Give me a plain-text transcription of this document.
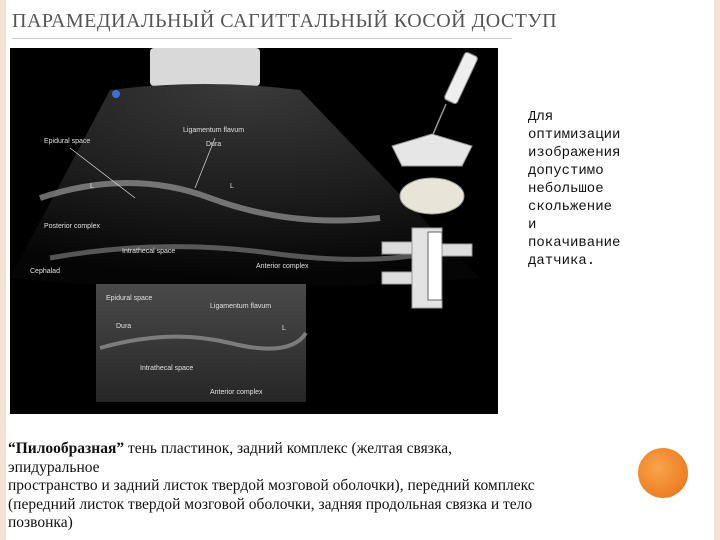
ПАРАМЕДИАЛЬНЫЙ САГИТТАЛЬНЫЙ КОСОЙ ДОСТУП
Ligamentum flavum
Dura
Epidural space
Posterior complex
Intrathecal space
Anterior complex
Cephalad
L	L
Epidural space
Ligamentum flavum
Dura
Intrathecal space
Anterior complex
L
Для
оптимизации
изображения
допустимо
небольшое
скольжение
и
покачивание
датчика.
“Пилообразная” тень пластинок, задний комплекс (желтая связка,
эпидуральное
пространство и задний листок твердой мозговой оболочки), передний комплекс
(передний листок твердой мозговой оболочки, задняя продольная связка и тело
позвонка)
